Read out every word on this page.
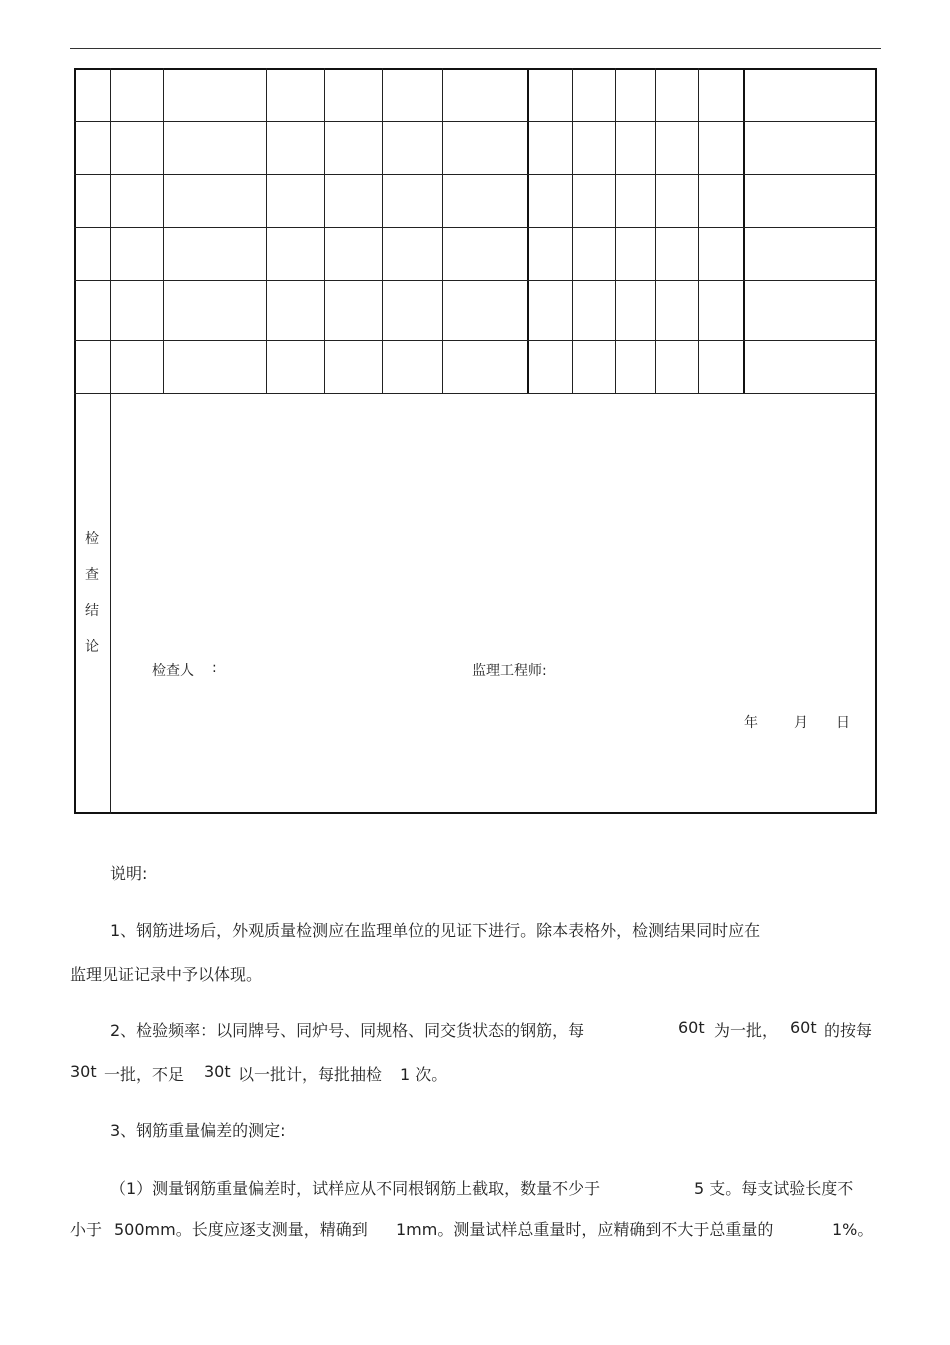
检
查
结
论
检查人 :	监理工程师:
年	月 日
说明:
1、钢筋进场后，外观质量检测应在监理单位的见证下进行。除本表格外，检测结果同时应在
监理见证记录中予以体现。
2、检验频率：以同牌号、同炉号、同规格、同交货状态的钢筋，每	60t 为一批， 60t 的按每
30t 一批，不足 30t 以一批计，每批抽检 1 次。
3、钢筋重量偏差的测定:
（1）测量钢筋重量偏差时，试样应从不同根钢筋上截取，数量不少于	5 支。每支试验长度不
小于 500mm。长度应逐支测量，精确到 1mm。测量试样总重量时，应精确到不大于总重量的	1%。
